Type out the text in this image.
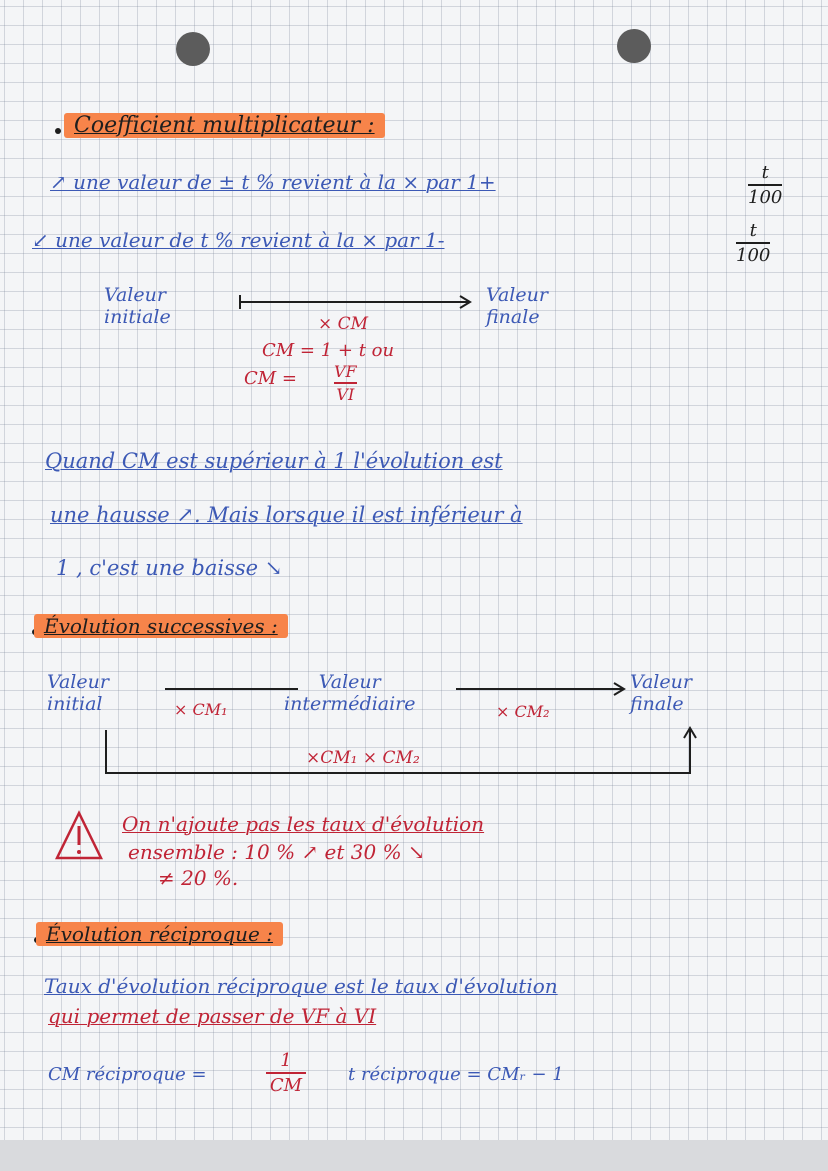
Coefficient multiplicateur :
↗ une valeur de ± t % revient à la × par 1+	t
100
↙ une valeur de t % revient à la × par 1-	t
100
Valeur
initiale
Valeur
finale
× CM
CM = 1 + t ou
CM = VF
VI
Quand CM est supérieur à 1 l'évolution est
une hausse ↗. Mais lorsque il est inférieur à
1 , c'est une baisse ↘
Évolution successives :
Valeur
initial
Valeur
intermédiaire
Valeur
finale
× CM₁	× CM₂
×CM₁ × CM₂
On n'ajoute pas les taux d'évolution
ensemble : 10 % ↗ et 30 % ↘
≠ 20 %.
Évolution réciproque :
Taux d'évolution réciproque est le taux d'évolution
qui permet de passer de VF à VI
CM réciproque =
1
CM
t réciproque = CMᵣ − 1
